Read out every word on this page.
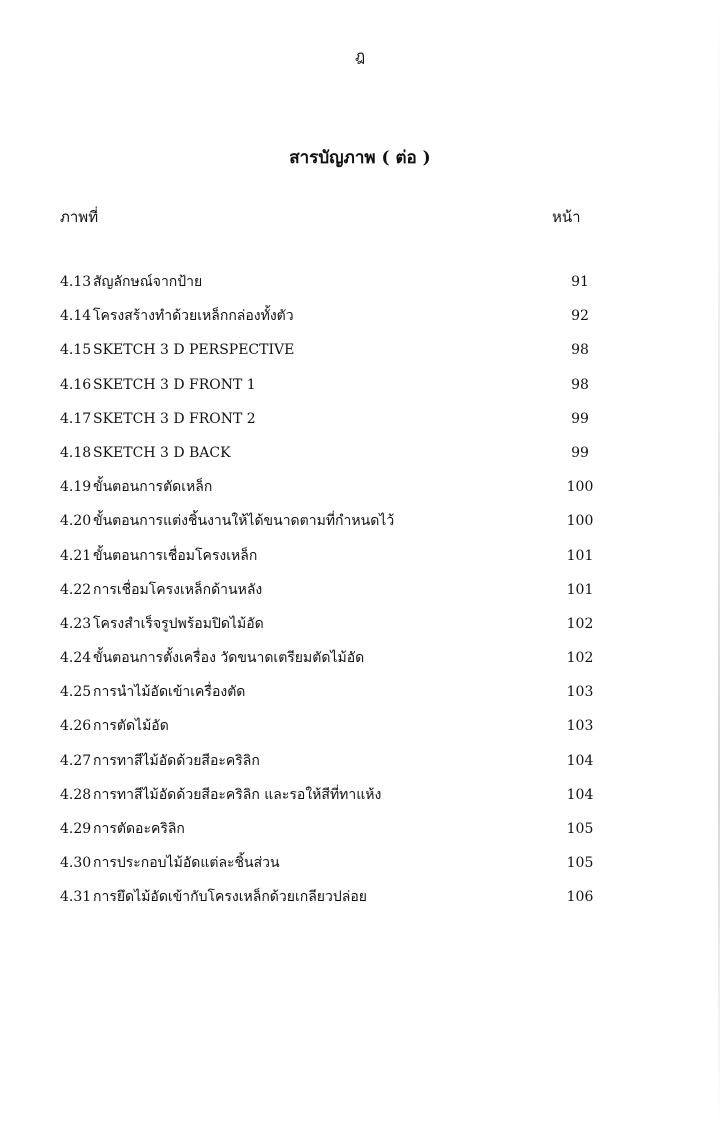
ฎ
สารบัญภาพ ( ต่อ )
ภาพที่	หน้า
4.13 สัญลักษณ์จากป้าย	91
4.14 โครงสร้างทำด้วยเหล็กกล่องทั้งตัว	92
4.15 SKETCH 3 D PERSPECTIVE	98
4.16 SKETCH 3 D FRONT 1	98
4.17 SKETCH 3 D FRONT 2	99
4.18 SKETCH 3 D BACK	99
4.19 ขั้นตอนการตัดเหล็ก	100
4.20 ขั้นตอนการแต่งชิ้นงานให้ได้ขนาดตามที่กำหนดไว้	100
4.21 ขั้นตอนการเชื่อมโครงเหล็ก	101
4.22 การเชื่อมโครงเหล็กด้านหลัง	101
4.23 โครงสำเร็จรูปพร้อมปิดไม้อัด	102
4.24 ขั้นตอนการตั้งเครื่อง วัดขนาดเตรียมตัดไม้อัด	102
4.25 การนำไม้อัดเข้าเครื่องตัด	103
4.26 การตัดไม้อัด	103
4.27 การทาสีไม้อัดด้วยสีอะคริลิก	104
4.28 การทาสีไม้อัดด้วยสีอะคริลิก และรอให้สีที่ทาแห้ง	104
4.29 การตัดอะคริลิก	105
4.30 การประกอบไม้อัดแต่ละชิ้นส่วน	105
4.31 การยึดไม้อัดเข้ากับโครงเหล็กด้วยเกลียวปล่อย	106
